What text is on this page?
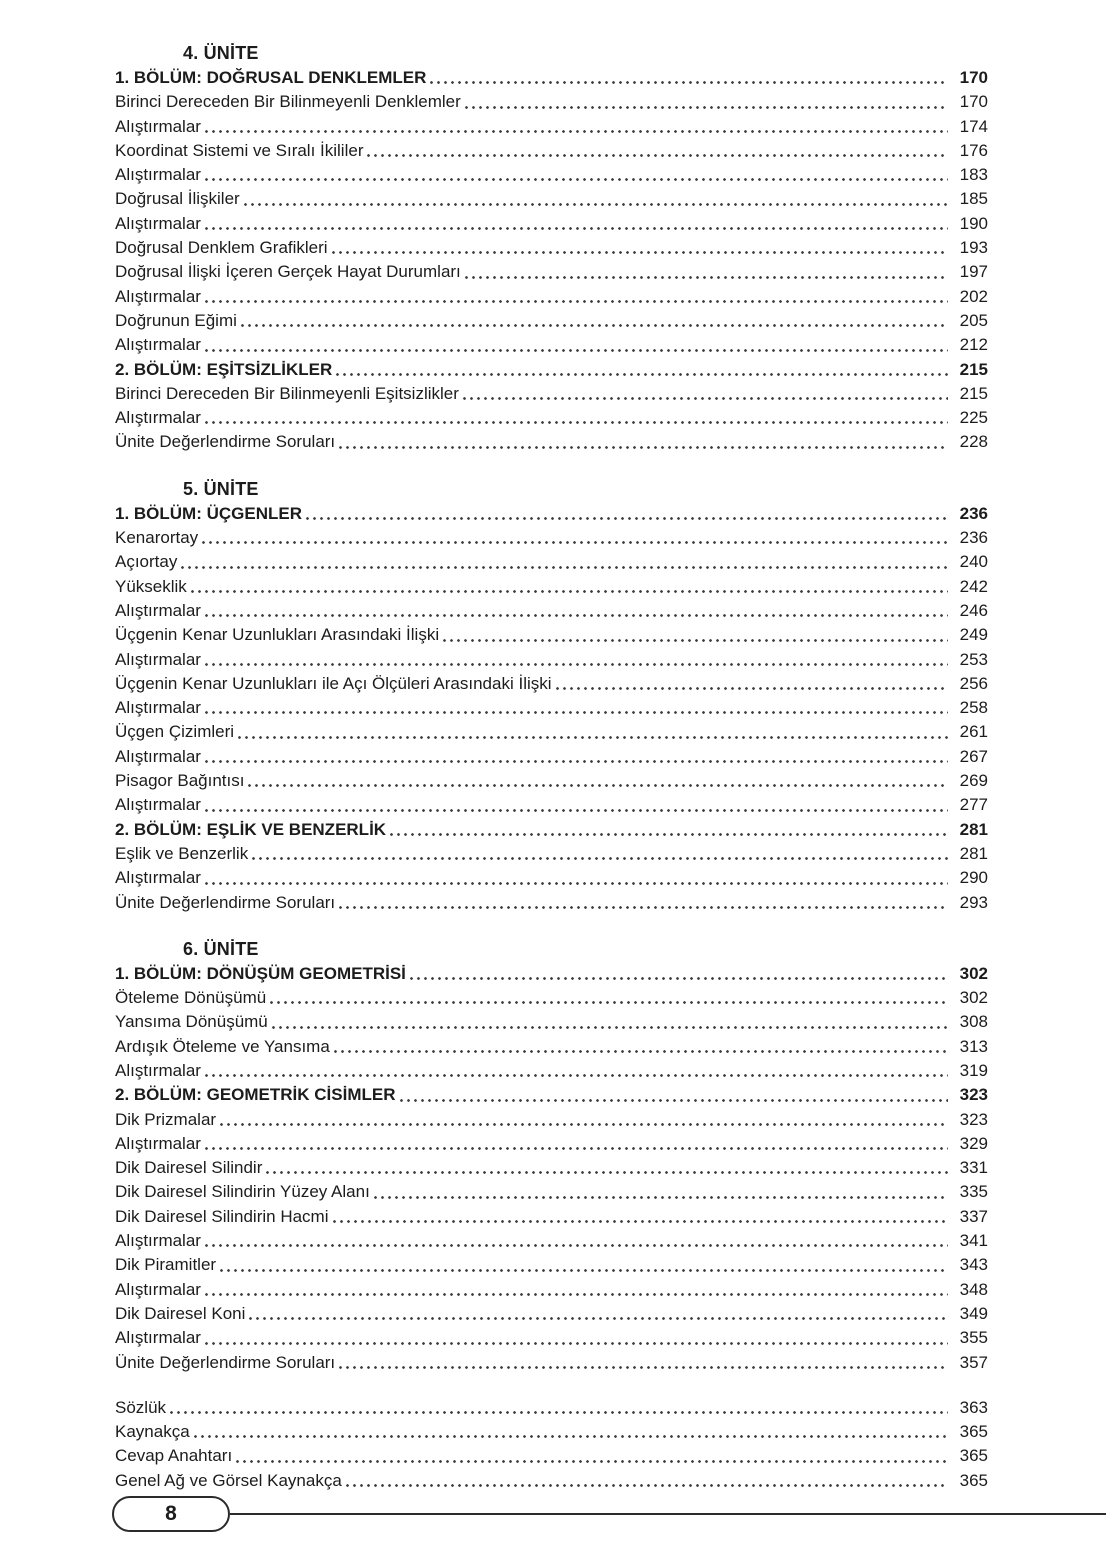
4. ÜNİTE
1. BÖLÜM: DOĞRUSAL DENKLEMLER	170
Birinci Dereceden Bir Bilinmeyenli Denklemler	170
Alıştırmalar	174
Koordinat Sistemi ve Sıralı İkililer	176
Alıştırmalar	183
Doğrusal İlişkiler	185
Alıştırmalar	190
Doğrusal Denklem Grafikleri	193
Doğrusal İlişki İçeren Gerçek Hayat Durumları	197
Alıştırmalar	202
Doğrunun Eğimi	205
Alıştırmalar	212
2. BÖLÜM: EŞİTSİZLİKLER	215
Birinci Dereceden Bir Bilinmeyenli Eşitsizlikler	215
Alıştırmalar	225
Ünite Değerlendirme Soruları	228
5. ÜNİTE
1. BÖLÜM: ÜÇGENLER	236
Kenarortay	236
Açıortay	240
Yükseklik	242
Alıştırmalar	246
Üçgenin Kenar Uzunlukları Arasındaki İlişki	249
Alıştırmalar	253
Üçgenin Kenar Uzunlukları ile Açı Ölçüleri Arasındaki İlişki	256
Alıştırmalar	258
Üçgen Çizimleri	261
Alıştırmalar	267
Pisagor Bağıntısı	269
Alıştırmalar	277
2. BÖLÜM: EŞLİK VE BENZERLİK	281
Eşlik ve Benzerlik	281
Alıştırmalar	290
Ünite Değerlendirme Soruları	293
6. ÜNİTE
1. BÖLÜM: DÖNÜŞÜM GEOMETRİSİ	302
Öteleme Dönüşümü	302
Yansıma Dönüşümü	308
Ardışık Öteleme ve Yansıma	313
Alıştırmalar	319
2. BÖLÜM: GEOMETRİK CİSİMLER	323
Dik Prizmalar	323
Alıştırmalar	329
Dik Dairesel Silindir	331
Dik Dairesel Silindirin Yüzey Alanı	335
Dik Dairesel Silindirin Hacmi	337
Alıştırmalar	341
Dik Piramitler	343
Alıştırmalar	348
Dik Dairesel Koni	349
Alıştırmalar	355
Ünite Değerlendirme Soruları	357
Sözlük	363
Kaynakça	365
Cevap Anahtarı	365
Genel Ağ ve Görsel Kaynakça	365
8
